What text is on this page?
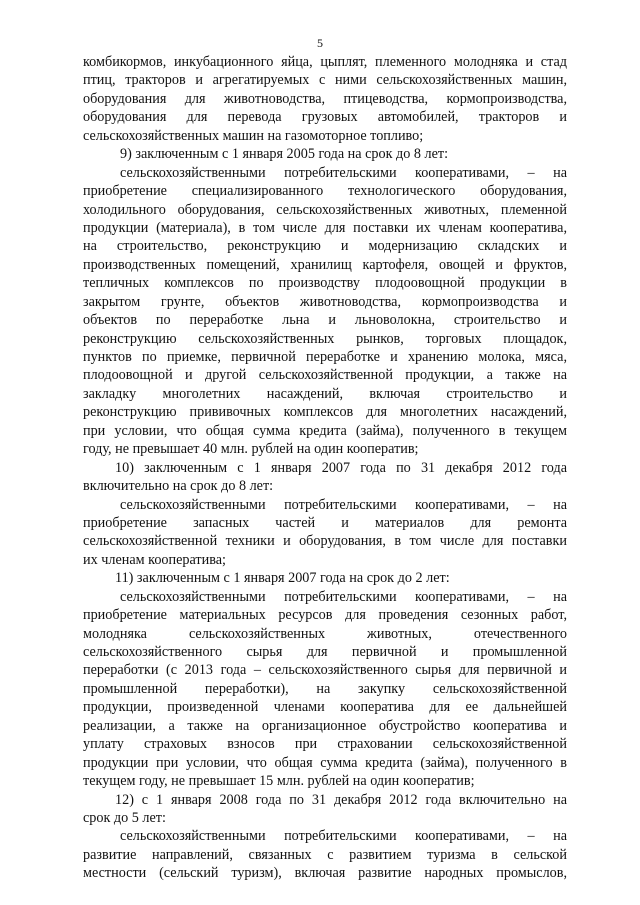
5
комбикормов, инкубационного яйца, цыплят, племенного молодняка и стад
птиц, тракторов и агрегатируемых с ними сельскохозяйственных машин,
оборудования для животноводства, птицеводства, кормопроизводства,
оборудования для перевода грузовых автомобилей, тракторов и
сельскохозяйственных машин на газомоторное топливо;
9) заключенным с 1 января 2005 года на срок до 8 лет:
сельскохозяйственными потребительскими кооперативами, – на
приобретение специализированного технологического оборудования,
холодильного оборудования, сельскохозяйственных животных, племенной
продукции (материала), в том числе для поставки их членам кооператива,
на строительство, реконструкцию и модернизацию складских и
производственных помещений, хранилищ картофеля, овощей и фруктов,
тепличных комплексов по производству плодоовощной продукции в
закрытом грунте, объектов животноводства, кормопроизводства и
объектов по переработке льна и льноволокна, строительство и
реконструкцию сельскохозяйственных рынков, торговых площадок,
пунктов по приемке, первичной переработке и хранению молока, мяса,
плодоовощной и другой сельскохозяйственной продукции, а также на
закладку многолетних насаждений, включая строительство и
реконструкцию прививочных комплексов для многолетних насаждений,
при условии, что общая сумма кредита (займа), полученного в текущем
году, не превышает 40 млн. рублей на один кооператив;
10) заключенным с 1 января 2007 года по 31 декабря 2012 года
включительно на срок до 8 лет:
сельскохозяйственными потребительскими кооперативами, – на
приобретение запасных частей и материалов для ремонта
сельскохозяйственной техники и оборудования, в том числе для поставки
их членам кооператива;
11) заключенным с 1 января 2007 года на срок до 2 лет:
сельскохозяйственными потребительскими кооперативами, – на
приобретение материальных ресурсов для проведения сезонных работ,
молодняка сельскохозяйственных животных, отечественного
сельскохозяйственного сырья для первичной и промышленной
переработки (с 2013 года – сельскохозяйственного сырья для первичной и
промышленной переработки), на закупку сельскохозяйственной
продукции, произведенной членами кооператива для ее дальнейшей
реализации, а также на организационное обустройство кооператива и
уплату страховых взносов при страховании сельскохозяйственной
продукции при условии, что общая сумма кредита (займа), полученного в
текущем году, не превышает 15 млн. рублей на один кооператив;
12) с 1 января 2008 года по 31 декабря 2012 года включительно на
срок до 5 лет:
сельскохозяйственными потребительскими кооперативами, – на
развитие направлений, связанных с развитием туризма в сельской
местности (сельский туризм), включая развитие народных промыслов,
